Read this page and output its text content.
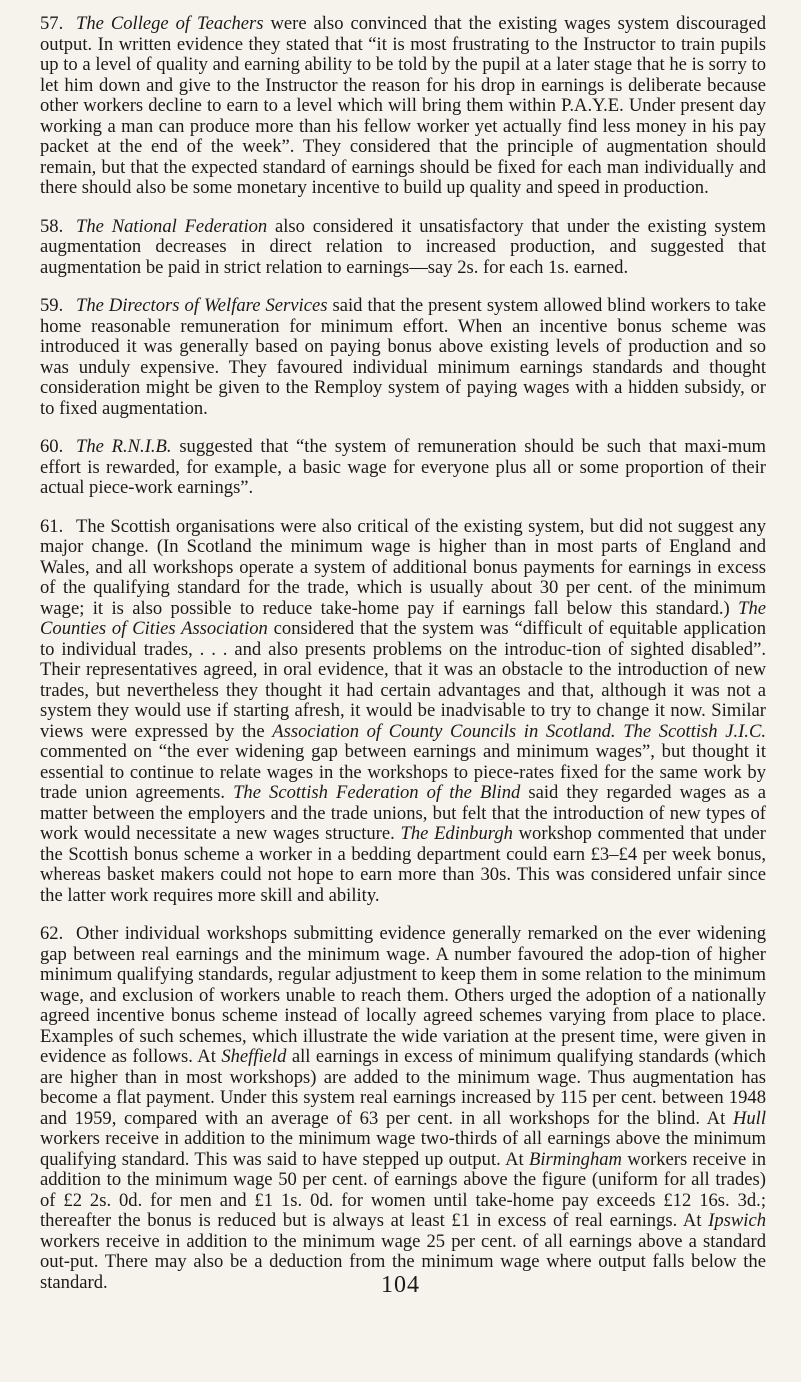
57. The College of Teachers were also convinced that the existing wages system discouraged output. In written evidence they stated that “it is most frustrating to the Instructor to train pupils up to a level of quality and earning ability to be told by the pupil at a later stage that he is sorry to let him down and give to the Instructor the reason for his drop in earnings is deliberate because other workers decline to earn to a level which will bring them within P.A.Y.E. Under present day working a man can produce more than his fellow worker yet actually find less money in his pay packet at the end of the week”. They considered that the principle of augmentation should remain, but that the expected standard of earnings should be fixed for each man individually and there should also be some monetary incentive to build up quality and speed in production.

58. The National Federation also considered it unsatisfactory that under the existing system augmentation decreases in direct relation to increased production, and suggested that augmentation be paid in strict relation to earnings—say 2s. for each 1s. earned.

59. The Directors of Welfare Services said that the present system allowed blind workers to take home reasonable remuneration for minimum effort. When an incentive bonus scheme was introduced it was generally based on paying bonus above existing levels of production and so was unduly expensive. They favoured individual minimum earnings standards and thought consideration might be given to the Remploy system of paying wages with a hidden subsidy, or to fixed augmentation.

60. The R.N.I.B. suggested that “the system of remuneration should be such that maxi-mum effort is rewarded, for example, a basic wage for everyone plus all or some proportion of their actual piece-work earnings”.

61. The Scottish organisations were also critical of the existing system, but did not suggest any major change. (In Scotland the minimum wage is higher than in most parts of England and Wales, and all workshops operate a system of additional bonus payments for earnings in excess of the qualifying standard for the trade, which is usually about 30 per cent. of the minimum wage; it is also possible to reduce take-home pay if earnings fall below this standard.) The Counties of Cities Association considered that the system was “difficult of equitable application to individual trades, . . . and also presents problems on the introduc-tion of sighted disabled”. Their representatives agreed, in oral evidence, that it was an obstacle to the introduction of new trades, but nevertheless they thought it had certain advantages and that, although it was not a system they would use if starting afresh, it would be inadvisable to try to change it now. Similar views were expressed by the Association of County Councils in Scotland. The Scottish J.I.C. commented on “the ever widening gap between earnings and minimum wages”, but thought it essential to continue to relate wages in the workshops to piece-rates fixed for the same work by trade union agreements. The Scottish Federation of the Blind said they regarded wages as a matter between the employers and the trade unions, but felt that the introduction of new types of work would necessitate a new wages structure. The Edinburgh workshop commented that under the Scottish bonus scheme a worker in a bedding department could earn £3–£4 per week bonus, whereas basket makers could not hope to earn more than 30s. This was considered unfair since the latter work requires more skill and ability.

62. Other individual workshops submitting evidence generally remarked on the ever widening gap between real earnings and the minimum wage. A number favoured the adop-tion of higher minimum qualifying standards, regular adjustment to keep them in some relation to the minimum wage, and exclusion of workers unable to reach them. Others urged the adoption of a nationally agreed incentive bonus scheme instead of locally agreed schemes varying from place to place. Examples of such schemes, which illustrate the wide variation at the present time, were given in evidence as follows. At Sheffield all earnings in excess of minimum qualifying standards (which are higher than in most workshops) are added to the minimum wage. Thus augmentation has become a flat payment. Under this system real earnings increased by 115 per cent. between 1948 and 1959, compared with an average of 63 per cent. in all workshops for the blind. At Hull workers receive in addition to the minimum wage two-thirds of all earnings above the minimum qualifying standard. This was said to have stepped up output. At Birmingham workers receive in addition to the minimum wage 50 per cent. of earnings above the figure (uniform for all trades) of £2 2s. 0d. for men and £1 1s. 0d. for women until take-home pay exceeds £12 16s. 3d.; thereafter the bonus is reduced but is always at least £1 in excess of real earnings. At Ipswich workers receive in addition to the minimum wage 25 per cent. of all earnings above a standard out-put. There may also be a deduction from the minimum wage where output falls below the standard.	104
